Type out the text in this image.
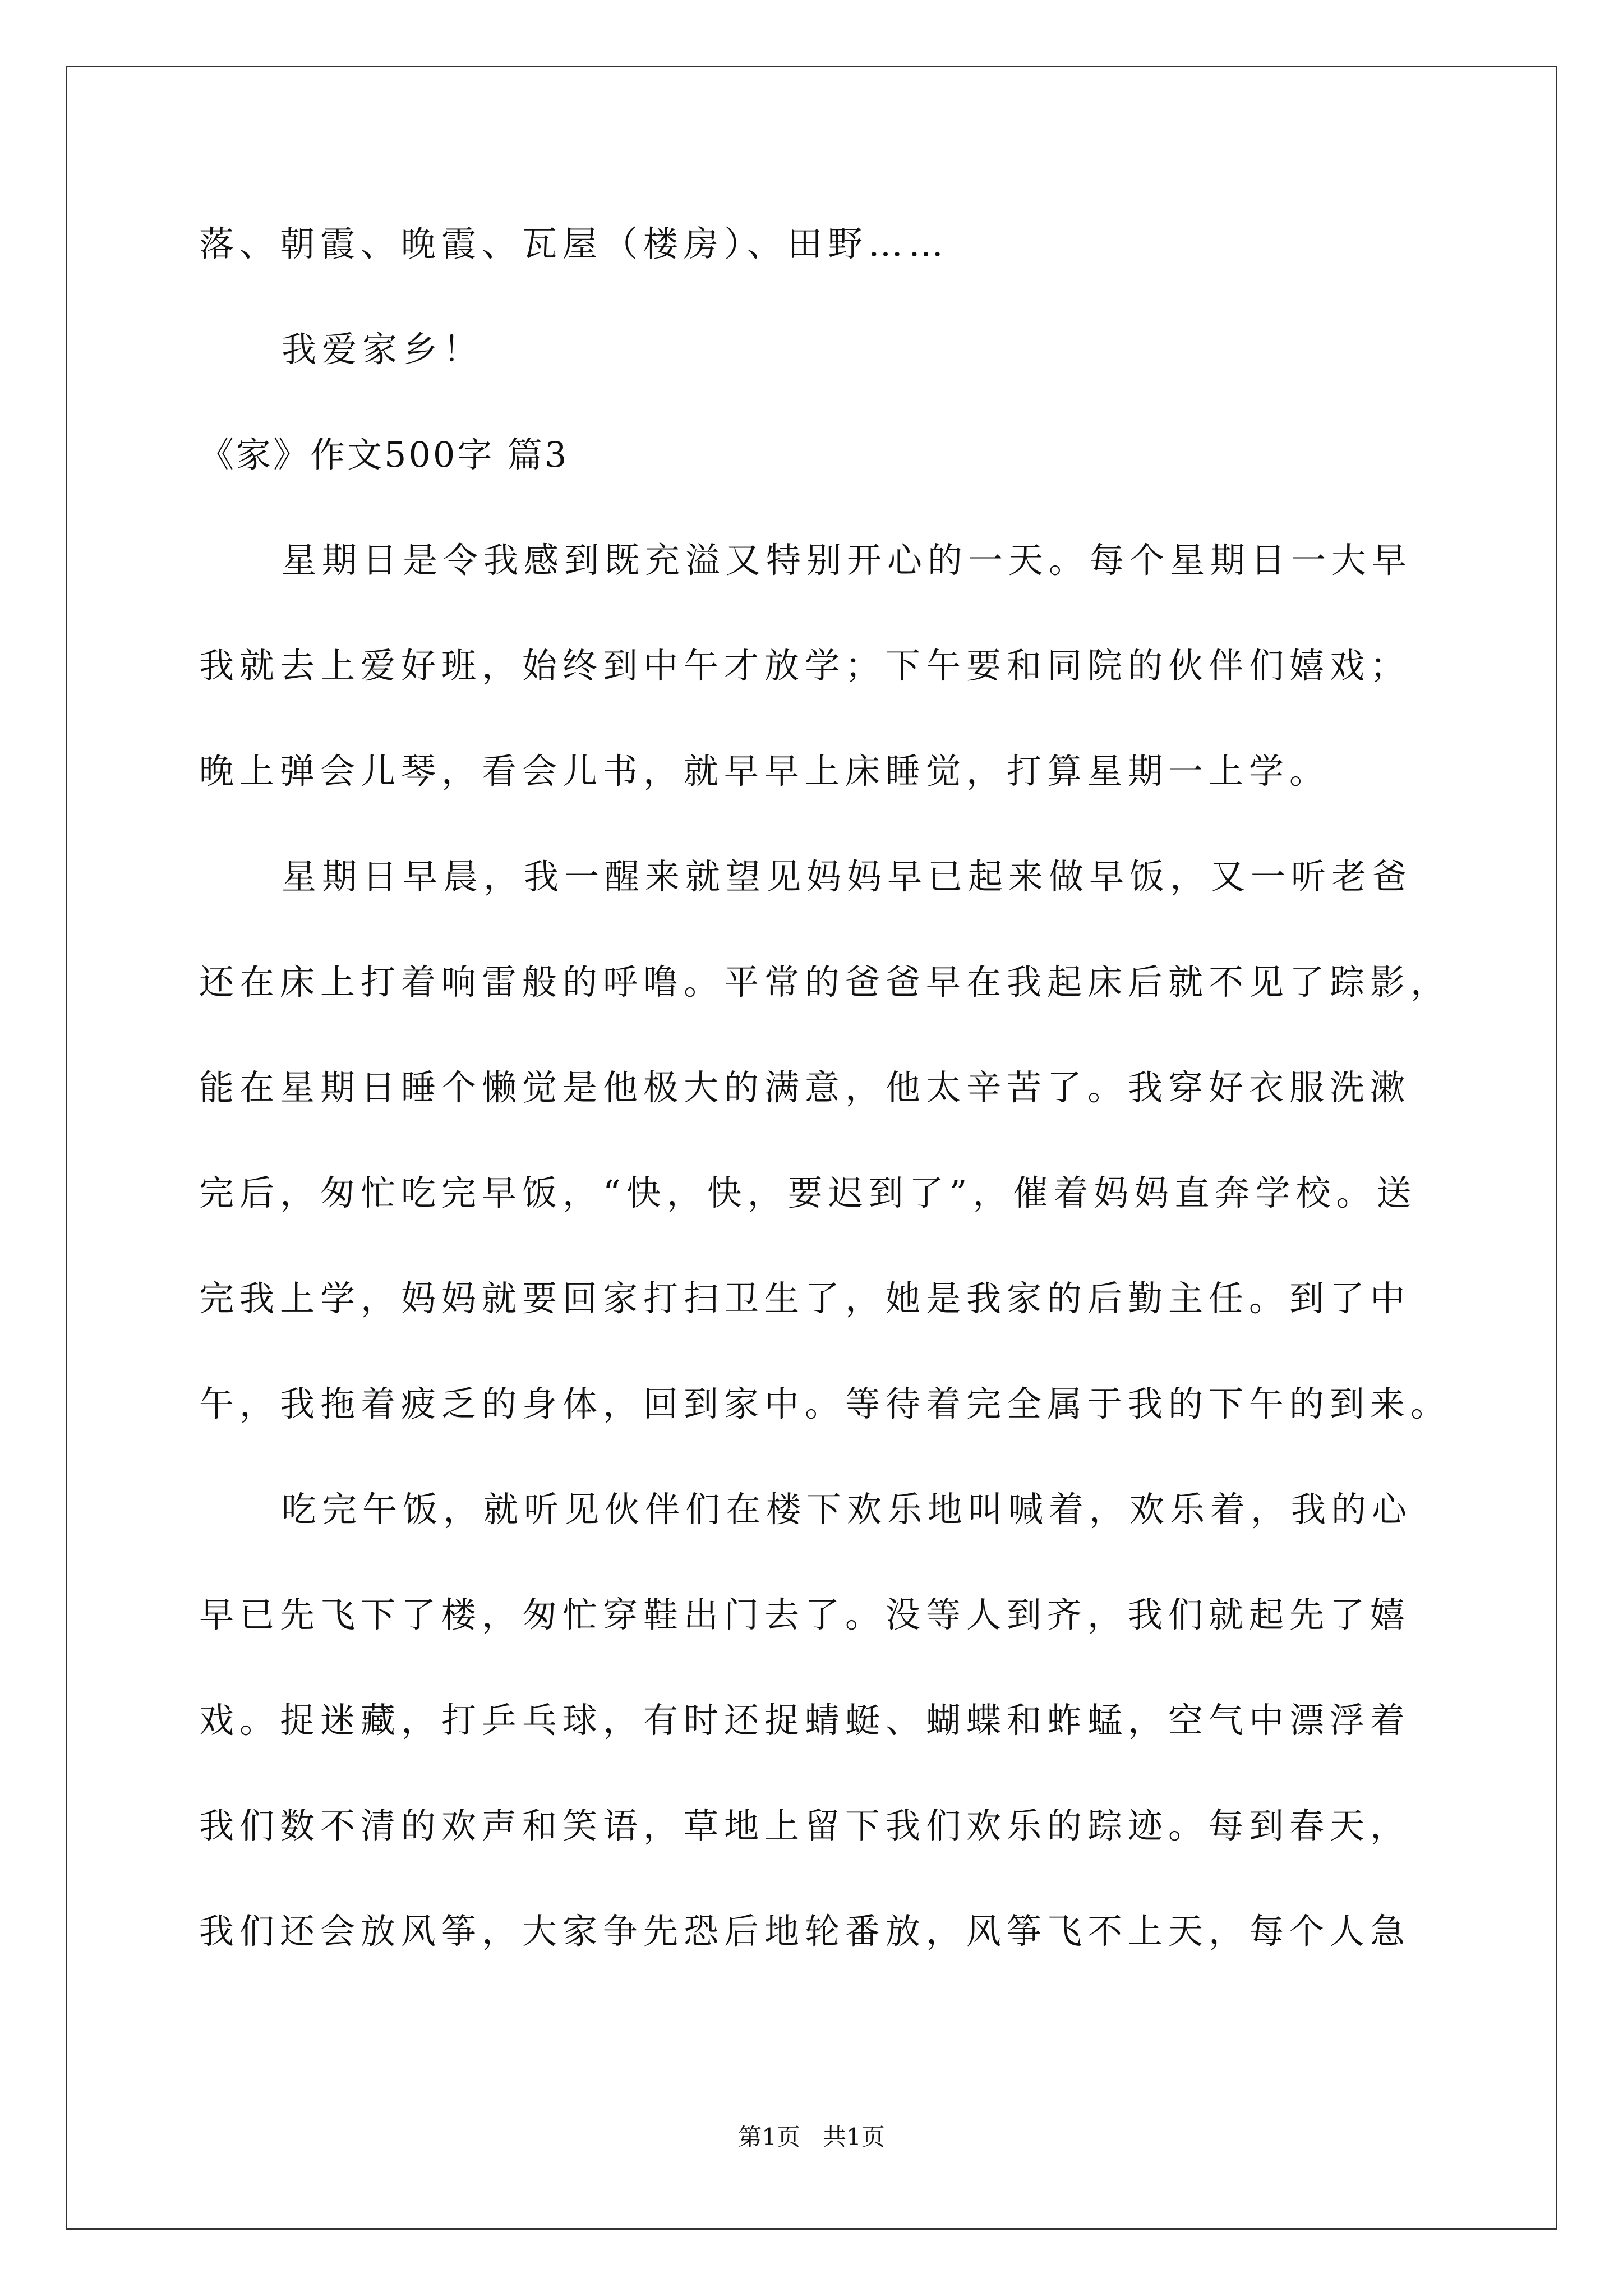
落、朝霞、晚霞、瓦屋（楼房）、田野……
我爱家乡！
《家》作文500字 篇3
星期日是令我感到既充溢又特别开心的一天。每个星期日一大早
我就去上爱好班，始终到中午才放学；下午要和同院的伙伴们嬉戏；
晚上弹会儿琴，看会儿书，就早早上床睡觉，打算星期一上学。
星期日早晨，我一醒来就望见妈妈早已起来做早饭，又一听老爸
还在床上打着响雷般的呼噜。平常的爸爸早在我起床后就不见了踪影，
能在星期日睡个懒觉是他极大的满意，他太辛苦了。我穿好衣服洗漱
完后，匆忙吃完早饭，“快，快，要迟到了”，催着妈妈直奔学校。送
完我上学，妈妈就要回家打扫卫生了，她是我家的后勤主任。到了中
午，我拖着疲乏的身体，回到家中。等待着完全属于我的下午的到来。
吃完午饭，就听见伙伴们在楼下欢乐地叫喊着，欢乐着，我的心
早已先飞下了楼，匆忙穿鞋出门去了。没等人到齐，我们就起先了嬉
戏。捉迷藏，打乒乓球，有时还捉蜻蜓、蝴蝶和蚱蜢，空气中漂浮着
我们数不清的欢声和笑语，草地上留下我们欢乐的踪迹。每到春天，
我们还会放风筝，大家争先恐后地轮番放，风筝飞不上天，每个人急
第1页   共1页
